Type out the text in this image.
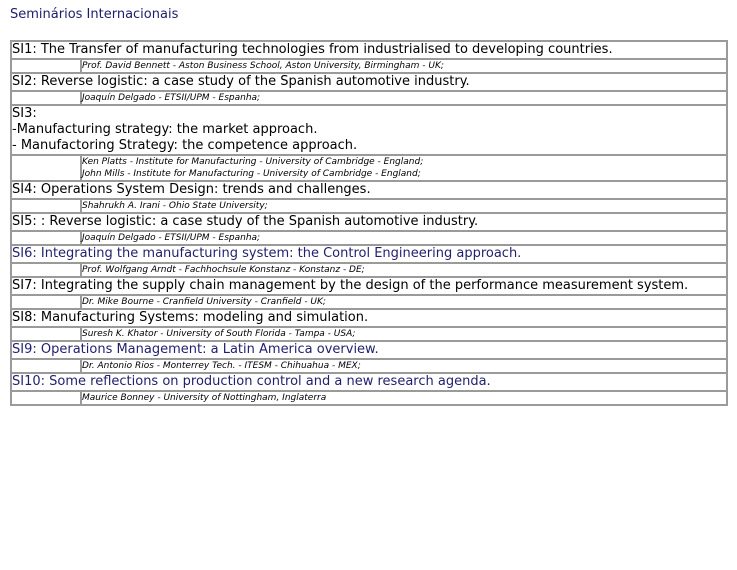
Seminários Internacionais
SI1: The Transfer of manufacturing technologies from industrialised to developing countries.	

	Prof. David Bennett - Aston Business School, Aston University, Birmingham - UK;

SI2: Reverse logistic: a case study of the Spanish automotive industry.	

	Joaquín Delgado - ETSII/UPM - Espanha;

SI3:
-Manufacturing strategy: the market approach.
- Manufactoring Strategy: the competence approach.	

	Ken Platts - Institute for Manufacturing - University of Cambridge - England;
John Mills - Institute for Manufacturing - University of Cambridge - England;

SI4: Operations System Design: trends and challenges.	

	Shahrukh A. Irani - Ohio State University;

SI5: : Reverse logistic: a case study of the Spanish automotive industry.	

	Joaquín Delgado - ETSII/UPM - Espanha;

SI6: Integrating the manufacturing system: the Control Engineering approach.	

	Prof. Wolfgang Arndt - Fachhochsule Konstanz - Konstanz - DE;

SI7: Integrating the supply chain management by the design of the performance measurement system.	

	Dr. Mike Bourne - Cranfield University - Cranfield - UK;

SI8: Manufacturing Systems: modeling and simulation.	

	Suresh K. Khator - University of South Florida - Tampa - USA;

SI9: Operations Management: a Latin America overview.	

	Dr. Antonio Rios - Monterrey Tech. - ITESM - Chihuahua - MEX;

SI10: Some reflections on production control and a new research agenda.	

	Maurice Bonney - University of Nottingham, Inglaterra
